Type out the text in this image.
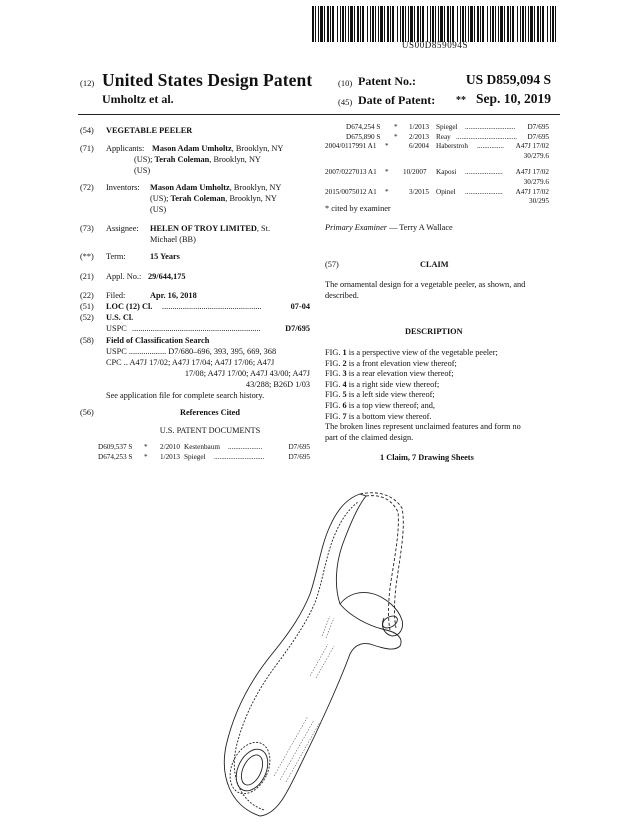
US00D859094S
(12) United States Design Patent
Umholtz et al.
(10) Patent No.:	US D859,094 S
(45) Date of Patent: ** Sep. 10, 2019
(54) VEGETABLE PEELER
(71) Applicants: Mason Adam Umholtz, Brooklyn, NY
(US); Terah Coleman, Brooklyn, NY
(US)
(72) Inventors: Mason Adam Umholtz, Brooklyn, NY
(US); Terah Coleman, Brooklyn, NY
(US)
(73) Assignee: HELEN OF TROY LIMITED, St.
Michael (BB)
(**) Term:	15 Years
(21) Appl. No.: 29/644,175
(22) Filed:	Apr. 16, 2018
(51) LOC (12) Cl. ................................................	07-04
(52) U.S. Cl.
USPC ..............................................................	D7/695
(58) Field of Classification Search
USPC .................. D7/680–696, 393, 395, 669, 368
CPC .. A47J 17/02; A47J 17/04; A47J 17/06; A47J
17/08; A47J 17/00; A47J 43/00; A47J
43/288; B26D 1/03
See application file for complete search history.
(56)	References Cited
U.S. PATENT DOCUMENTS
D609,537 S * 2/2010 Kestenbaum ...................	D7/695
D674,253 S * 1/2013 Spiegel ............................	D7/695
D674,254 S * 1/2013 Spiegel ............................	D7/695
D675,890 S * 2/2013 Reay ..................................	D7/695
2004/0117991 A1 *	6/2004 Haberstroh ...............	A47J 17/02
30/279.6
2007/0227013 A1 * 10/2007 Kaposi .....................	A47J 17/02
30/279.6
2015/0075012 A1 *	3/2015 Opinel .....................	A47J 17/02
30/295
* cited by examiner
Primary Examiner — Terry A Wallace
(57)	CLAIM
The ornamental design for a vegetable peeler, as shown, and
described.
DESCRIPTION
FIG. 1 is a perspective view of the vegetable peeler;
FIG. 2 is a front elevation view thereof;
FIG. 3 is a rear elevation view thereof;
FIG. 4 is a right side view thereof;
FIG. 5 is a left side view thereof;
FIG. 6 is a top view thereof; and,
FIG. 7 is a bottom view thereof.
The broken lines represent unclaimed features and form no
part of the claimed design.
1 Claim, 7 Drawing Sheets
